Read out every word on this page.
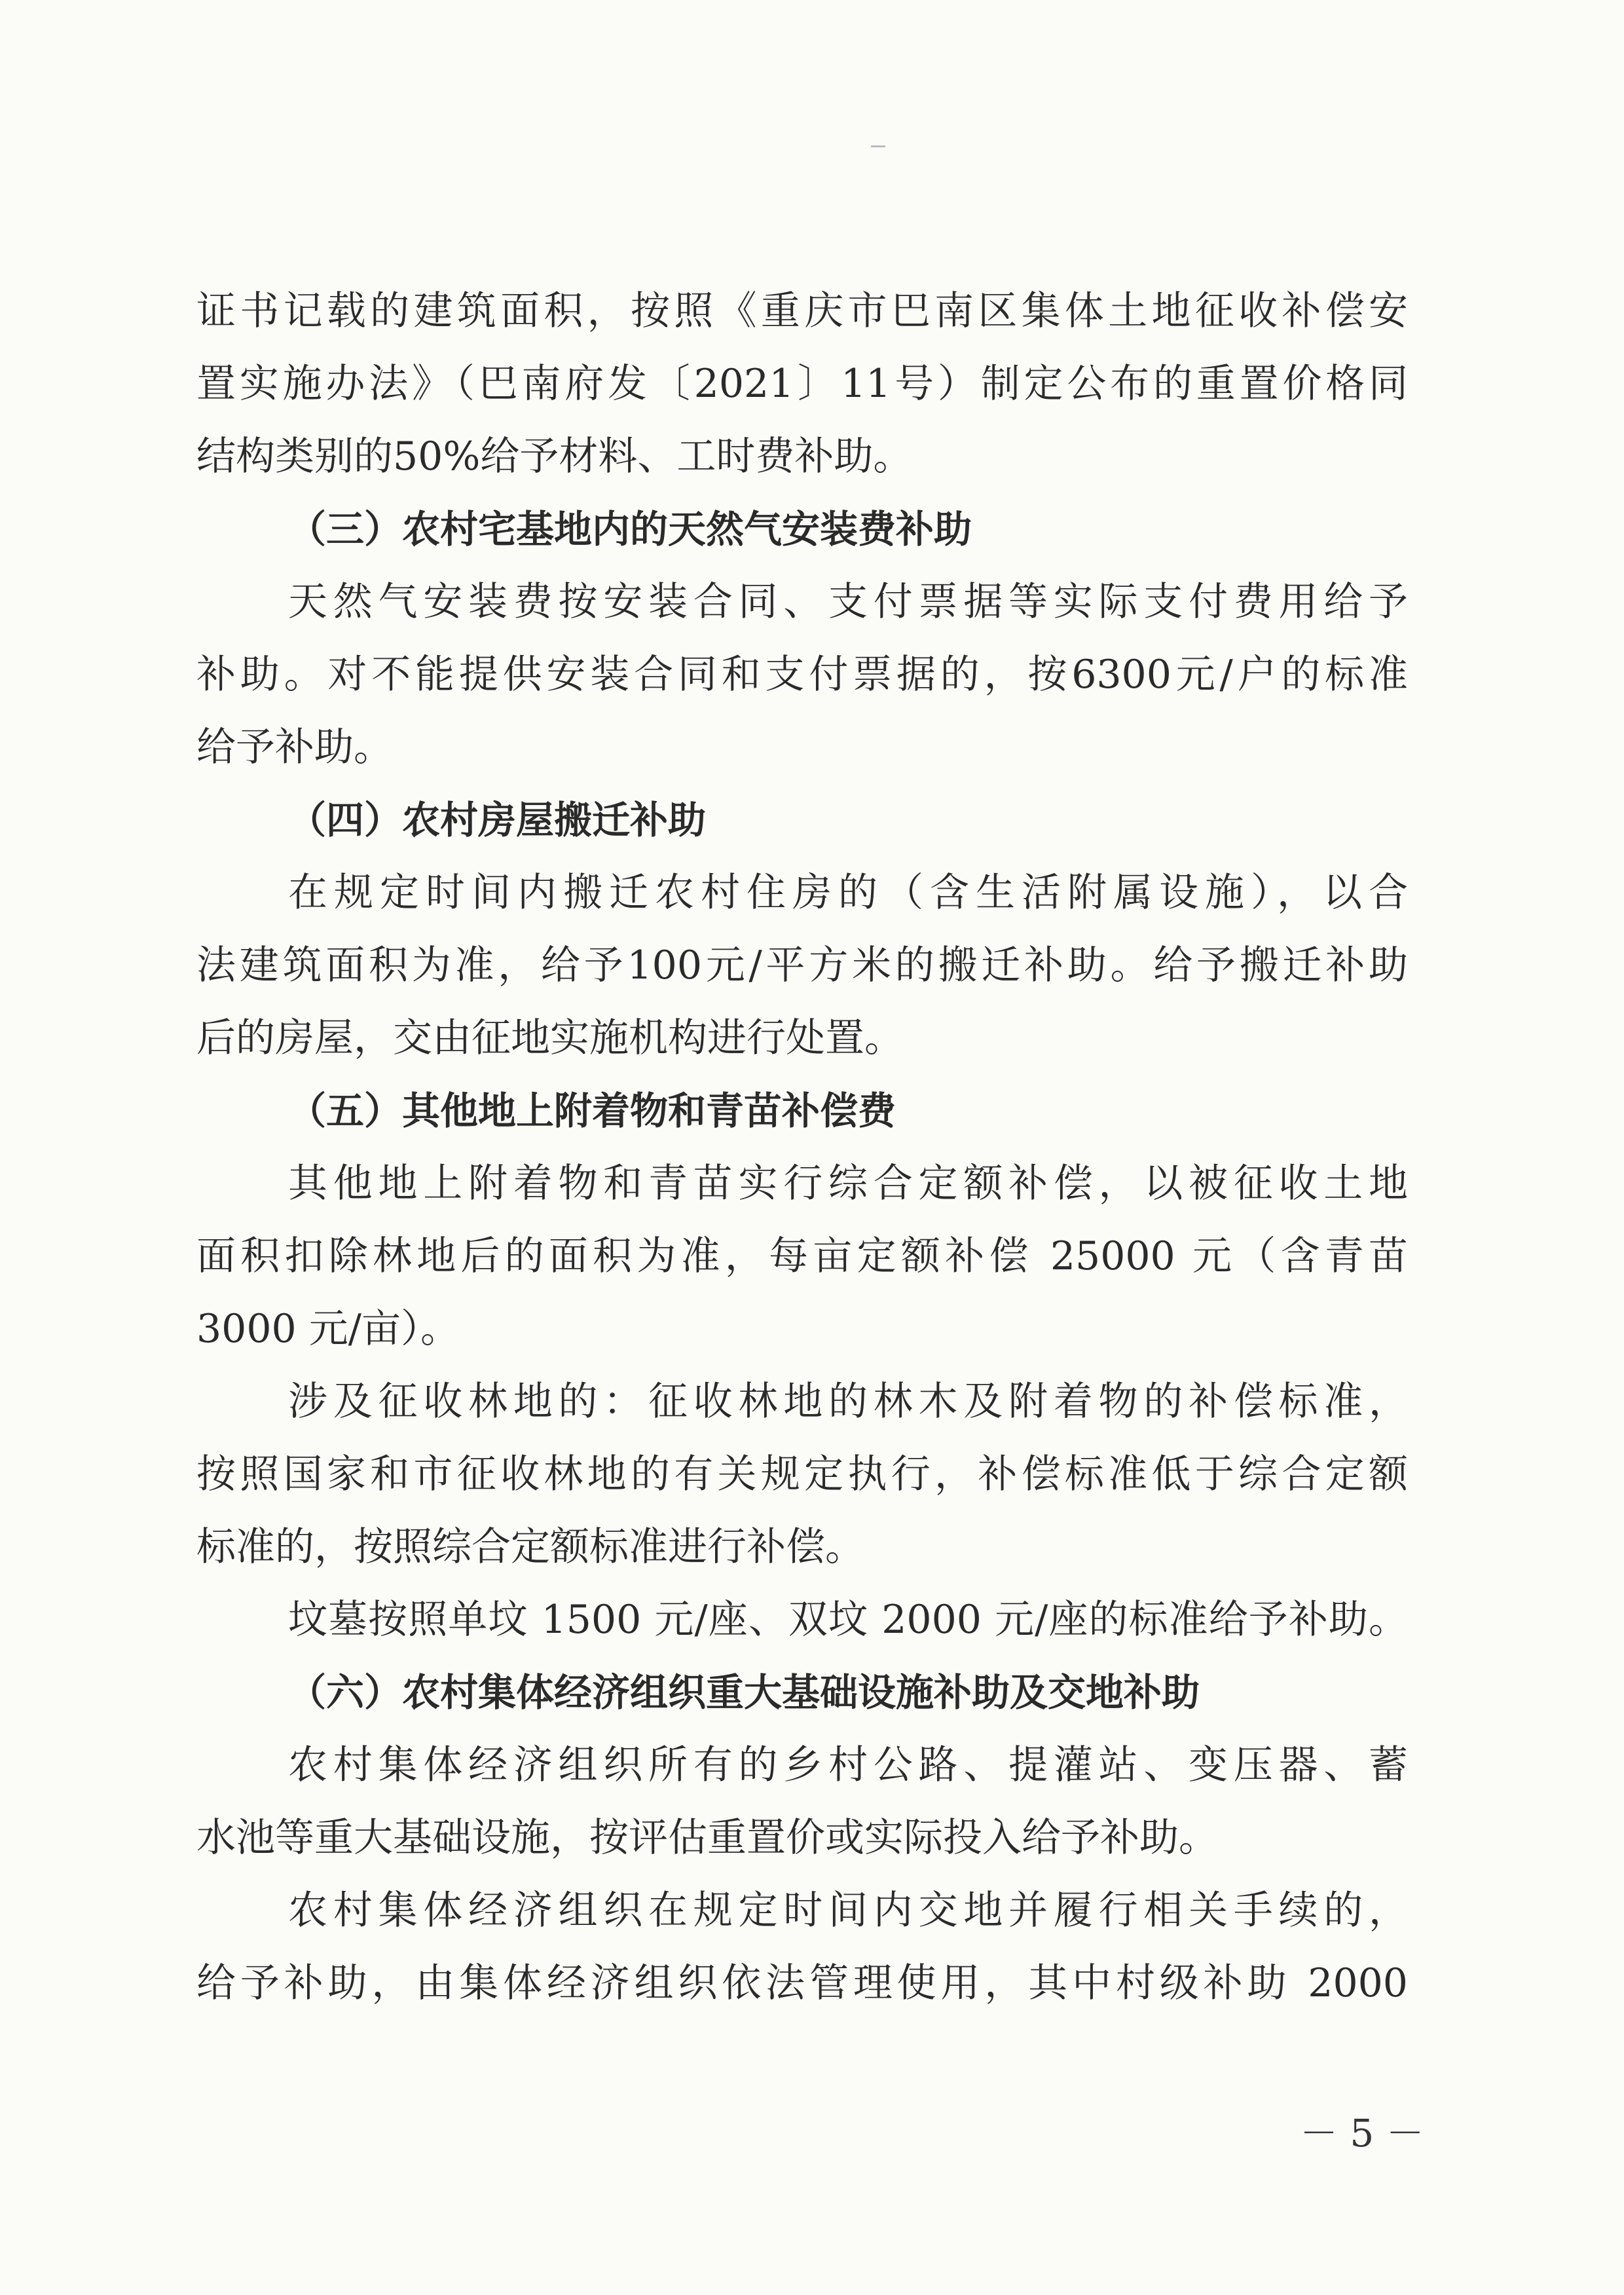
证书记载的建筑面积，按照《重庆市巴南区集体土地征收补偿安
置实施办法》（巴南府发〔2021〕11号）制定公布的重置价格同
结构类别的50%给予材料、工时费补助。
（三）农村宅基地内的天然气安装费补助
天然气安装费按安装合同、支付票据等实际支付费用给予
补助。对不能提供安装合同和支付票据的，按6300元/户的标准
给予补助。
（四）农村房屋搬迁补助
在规定时间内搬迁农村住房的（含生活附属设施），以合
法建筑面积为准，给予100元/平方米的搬迁补助。给予搬迁补助
后的房屋，交由征地实施机构进行处置。
（五）其他地上附着物和青苗补偿费
其他地上附着物和青苗实行综合定额补偿，以被征收土地
面积扣除林地后的面积为准，每亩定额补偿 25000 元（含青苗
3000 元/亩）。
涉及征收林地的：征收林地的林木及附着物的补偿标准，
按照国家和市征收林地的有关规定执行，补偿标准低于综合定额
标准的，按照综合定额标准进行补偿。
坟墓按照单坟 1500 元/座、双坟 2000 元/座的标准给予补助。
（六）农村集体经济组织重大基础设施补助及交地补助
农村集体经济组织所有的乡村公路、提灌站、变压器、蓄
水池等重大基础设施，按评估重置价或实际投入给予补助。
农村集体经济组织在规定时间内交地并履行相关手续的，
给予补助，由集体经济组织依法管理使用，其中村级补助 2000
－ 5 －
